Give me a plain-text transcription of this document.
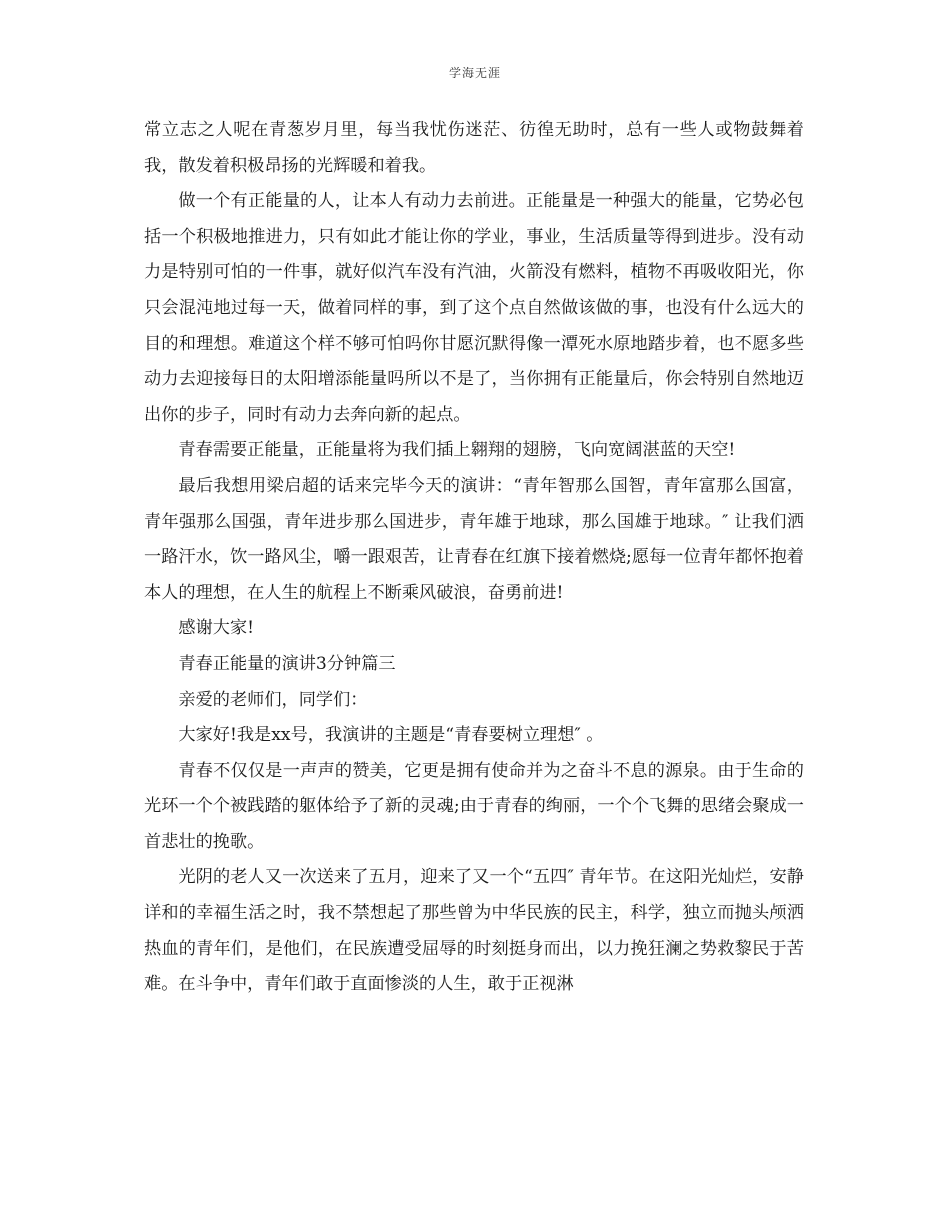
学海无涯

常立志之人呢在青葱岁月里，每当我忧伤迷茫、彷徨无助时，总有一些人或物鼓舞着我，散发着积极昂扬的光辉暖和着我。

做一个有正能量的人，让本人有动力去前进。正能量是一种强大的能量，它势必包括一个积极地推进力，只有如此才能让你的学业，事业，生活质量等得到进步。没有动力是特别可怕的一件事，就好似汽车没有汽油，火箭没有燃料，植物不再吸收阳光，你只会混沌地过每一天，做着同样的事，到了这个点自然做该做的事，也没有什么远大的目的和理想。难道这个样不够可怕吗你甘愿沉默得像一潭死水原地踏步着，也不愿多些动力去迎接每日的太阳增添能量吗所以不是了，当你拥有正能量后，你会特别自然地迈出你的步子，同时有动力去奔向新的起点。

青春需要正能量，正能量将为我们插上翱翔的翅膀，飞向宽阔湛蓝的天空!

最后我想用梁启超的话来完毕今天的演讲：“青年智那么国智，青年富那么国富，青年强那么国强，青年进步那么国进步，青年雄于地球，那么国雄于地球。″ 让我们洒一路汗水，饮一路风尘，嚼一跟艰苦，让青春在红旗下接着燃烧;愿每一位青年都怀抱着本人的理想，在人生的航程上不断乘风破浪，奋勇前进!

感谢大家!

青春正能量的演讲3分钟篇三

亲爱的老师们，同学们：

大家好!我是xx号，我演讲的主题是“青春要树立理想″ 。

青春不仅仅是一声声的赞美，它更是拥有使命并为之奋斗不息的源泉。由于生命的光环一个个被践踏的躯体给予了新的灵魂;由于青春的绚丽，一个个飞舞的思绪会聚成一首悲壮的挽歌。

光阴的老人又一次送来了五月，迎来了又一个“五四″ 青年节。在这阳光灿烂，安静详和的幸福生活之时，我不禁想起了那些曾为中华民族的民主，科学，独立而抛头颅洒热血的青年们，是他们，在民族遭受屈辱的时刻挺身而出，以力挽狂澜之势救黎民于苦难。在斗争中，青年们敢于直面惨淡的人生，敢于正视淋
